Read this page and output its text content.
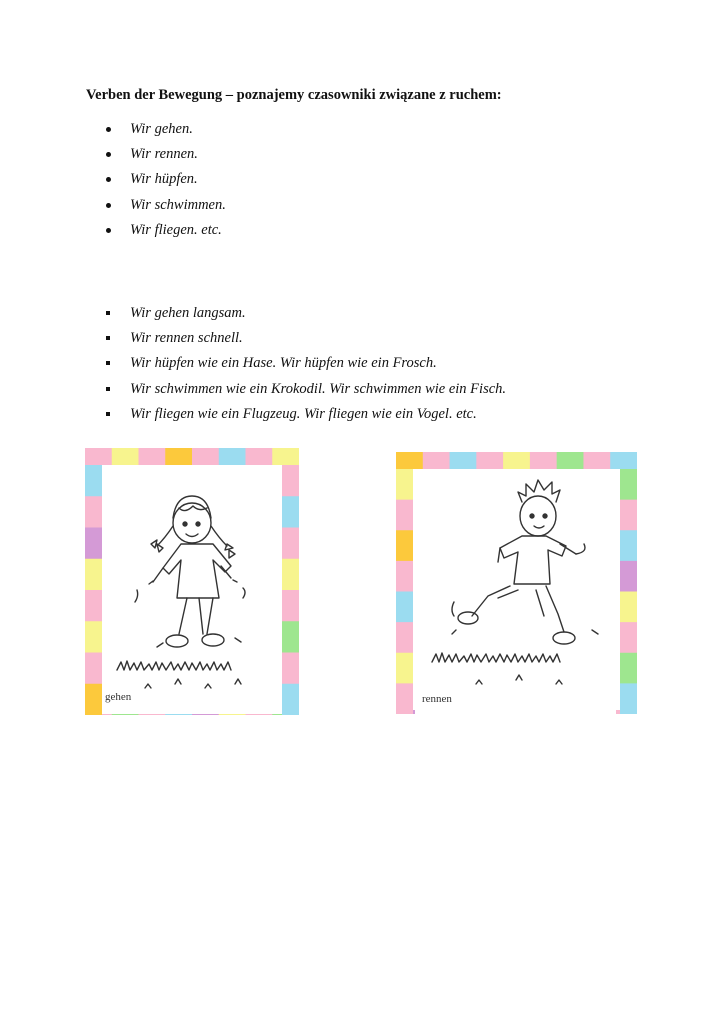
Verben der Bewegung – poznajemy czasowniki związane z ruchem:
Wir gehen.
Wir rennen.
Wir hüpfen.
Wir schwimmen.
Wir fliegen. etc.
Wir gehen langsam.
Wir rennen schnell.
Wir hüpfen wie ein Hase. Wir hüpfen wie ein Frosch.
Wir schwimmen wie ein Krokodil. Wir schwimmen wie ein Fisch.
Wir fliegen wie ein Flugzeug. Wir fliegen wie ein Vogel. etc.
gehen	rennen
